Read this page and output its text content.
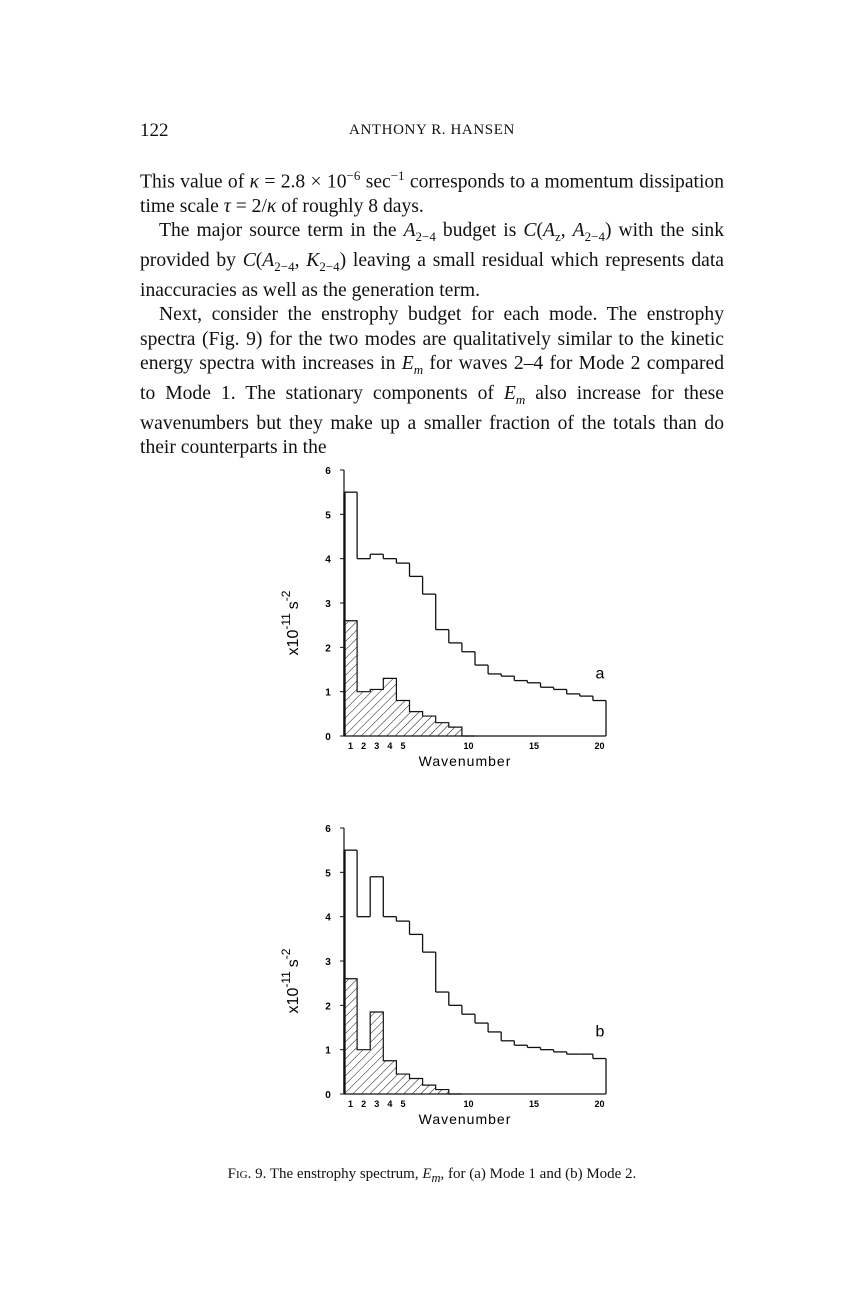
122	ANTHONY R. HANSEN

This value of $\kappa = 2.8 \times 10^{-6}$ $\sec^{-1}$ corresponds to a momentum dissipation time scale τ = 2/κ of roughly 8 days.

The major source term in the $A_{2-4}$ budget is $C(A_z$, $A_{2-4}$) with the sink provided by $C(A_{2-4}$, $K_{2-4}$) leaving a small residual which represents data inaccuracies as well as the generation term.

Next, consider the enstrophy budget for each mode. The enstrophy spectra (Fig. 9) for the two modes are qualitatively similar to the kinetic energy spectra with increases in $E_m$ for waves 2–4 for Mode 2 compared to Mode 1. The stationary components of $E_m$ also increase for these wavenumbers but they make up a smaller fraction of the totals than do their counterparts in the

0
1
2
3
4
5
6
$x10^{-11}s^{-2}$
1 2 3 4 5	10	15	20
Wavenumber
a
0
1
2
3
4
5
6
$x10^{-11}s^{-2}$
1 2 3 4 5	10	15	20
Wavenumber
b
Fig. 9. The enstrophy spectrum, $E_m$, for (a) Mode 1 and (b) Mode 2.
